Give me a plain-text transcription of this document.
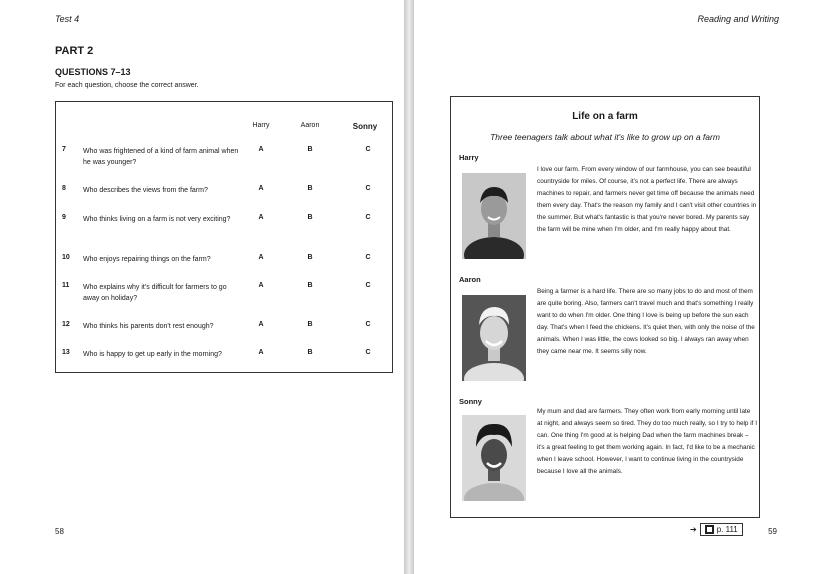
Test 4
PART 2
QUESTIONS 7–13
For each question, choose the correct answer.
Harry	Aaron	Sonny
7 Who was frightened of a kind of farm animal when he was younger?
A	B	C
8 Who describes the views from the farm?	A	B	C
9 Who thinks living on a farm is not very exciting?	A	B	C
10 Who enjoys repairing things on the farm?	A	B	C
11 Who explains why it's difficult for farmers to go away on holiday?
A	B	C
12 Who thinks his parents don't rest enough?	A	B	C
13 Who is happy to get up early in the morning?	A	B	C
58
Reading and Writing
Life on a farm
Three teenagers talk about what it's like to grow up on a farm
Harry
I love our farm. From every window of our farmhouse, you can see beautiful countryside for miles. Of course, it's not a perfect life. There are always machines to repair, and farmers never get time off because the animals need them every day. That's the reason my family and I can't visit other countries in the summer. But what's fantastic is that you're never bored. My parents say the farm will be mine when I'm older, and I'm really happy about that.
Aaron
Being a farmer is a hard life. There are so many jobs to do and most of them are quite boring. Also, farmers can't travel much and that's something I really want to do when I'm older. One thing I love is being up before the sun each day. That's when I feed the chickens. It's quiet then, with only the noise of the animals. When I was little, the cows looked so big. I always ran away when they came near me. It seems silly now.
Sonny
My mum and dad are farmers. They often work from early morning until late at night, and always seem so tired. They do too much really, so I try to help if I can. One thing I'm good at is helping Dad when the farm machines break – it's a great feeling to get them working again. In fact, I'd like to be a mechanic when I leave school. However, I want to continue living in the countryside because I love all the animals.
➔	p. 111	59
